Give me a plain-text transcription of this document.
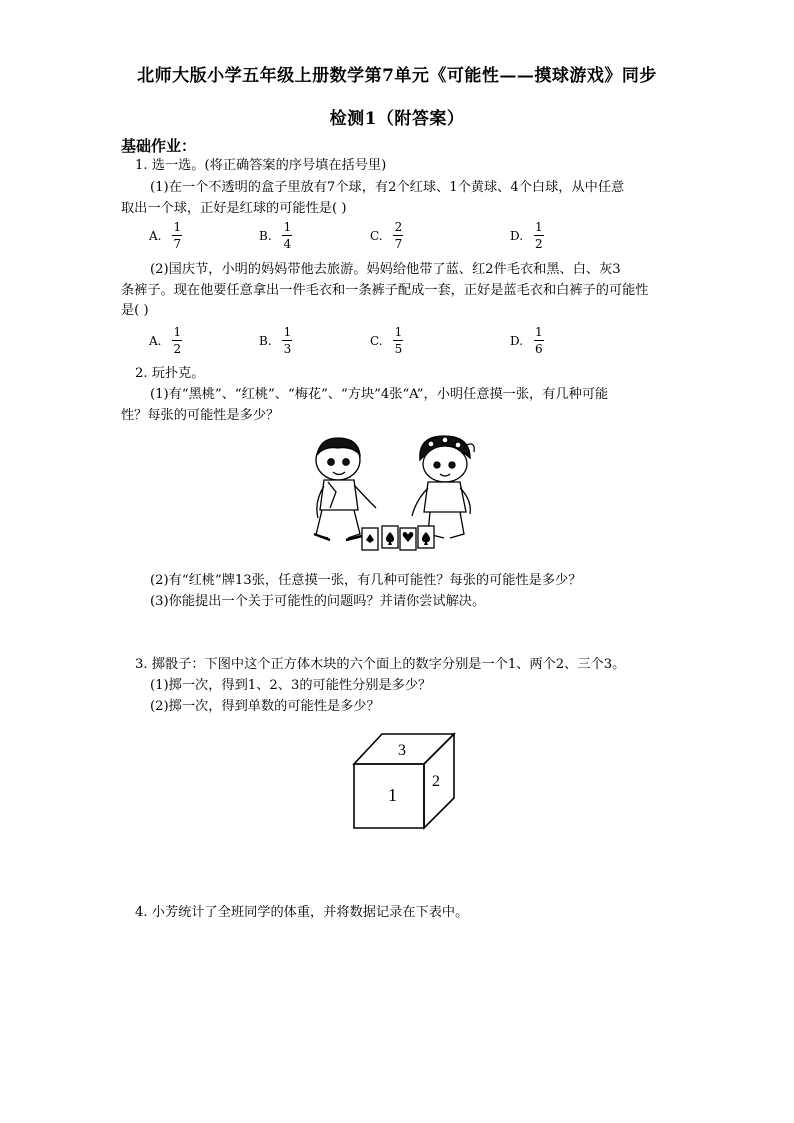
北师大版小学五年级上册数学第7单元《可能性——摸球游戏》同步
检测1（附答案）
基础作业：
1. 选一选。(将正确答案的序号填在括号里)
(1)在一个不透明的盒子里放有7个球，有2个红球、1个黄球、4个白球，从中任意
取出一个球，正好是红球的可能性是( )
A. $\frac{1}{7}$	B. $\frac{1}{4}$	C. $\frac{2}{7}$	D. $\frac{1}{2}$
(2)国庆节，小明的妈妈带他去旅游。妈妈给他带了蓝、红2件毛衣和黑、白、灰3
条裤子。现在他要任意拿出一件毛衣和一条裤子配成一套，正好是蓝毛衣和白裤子的可能性
是( )
A. $\frac{1}{2}$	B. $\frac{1}{3}$	C. $\frac{1}{5}$	D. $\frac{1}{6}$
2. 玩扑克。
(1)有“黑桃”、“红桃”、“梅花”、“方块”4张“A”，小明任意摸一张，有几种可能
性？每张的可能性是多少？
(2)有“红桃”牌13张，任意摸一张，有几种可能性？每张的可能性是多少？
(3)你能提出一个关于可能性的问题吗？并请你尝试解决。
3. 掷骰子：下图中这个正方体木块的六个面上的数字分别是一个1、两个2、三个3。
(1)掷一次，得到1、2、3的可能性分别是多少？
(2)掷一次，得到单数的可能性是多少？
1
3
2
4. 小芳统计了全班同学的体重，并将数据记录在下表中。
